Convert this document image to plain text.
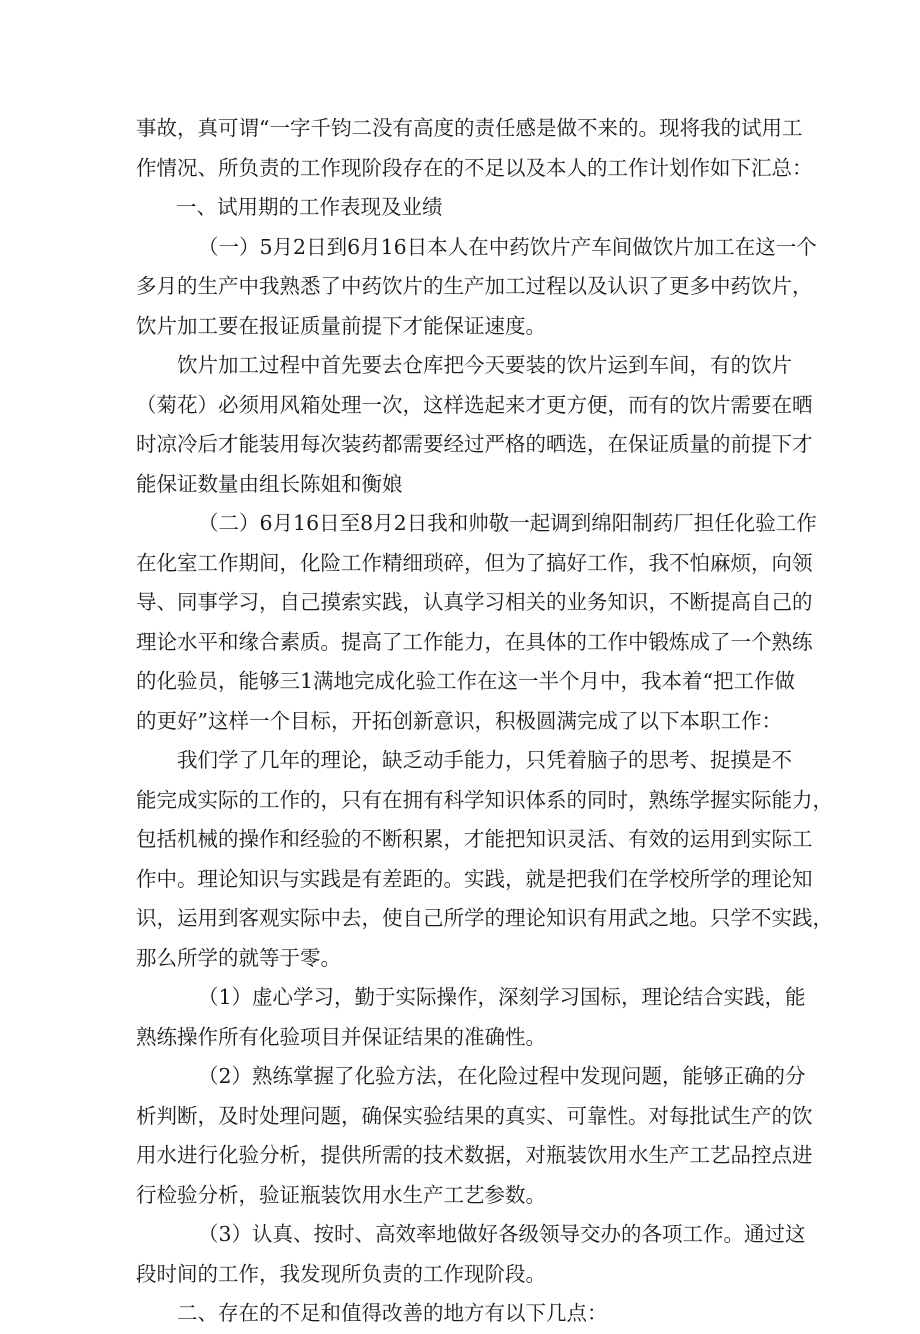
事故，真可谓“一字千钧二没有高度的责任感是做不来的。现将我的试用工
作情况、所负责的工作现阶段存在的不足以及本人的工作计划作如下汇总：
一、试用期的工作表现及业绩
（一）5月2日到6月16日本人在中药饮片产车间做饮片加工在这一个
多月的生产中我熟悉了中药饮片的生产加工过程以及认识了更多中药饮片，
饮片加工要在报证质量前提下才能保证速度。
饮片加工过程中首先要去仓库把今天要装的饮片运到车间，有的饮片
（菊花）必须用风箱处理一次，这样选起来才更方便，而有的饮片需要在晒
时凉冷后才能装用每次装药都需要经过严格的晒选，在保证质量的前提下才
能保证数量由组长陈姐和衡娘
（二）6月16日至8月2日我和帅敬一起调到绵阳制药厂担任化验工作
在化室工作期间，化险工作精细琐碎，但为了搞好工作，我不怕麻烦，向领
导、同事学习，自己摸索实践，认真学习相关的业务知识，不断提高自己的
理论水平和缘合素质。提高了工作能力，在具体的工作中锻炼成了一个熟练
的化验员，能够三1满地完成化验工作在这一半个月中，我本着“把工作做
的更好”这样一个目标，开拓创新意识，积极圆满完成了以下本职工作：
我们学了几年的理论，缺乏动手能力，只凭着脑子的思考、捉摸是不
能完成实际的工作的，只有在拥有科学知识体系的同时，熟练学握实际能力，
包括机械的操作和经验的不断积累，才能把知识灵活、有效的运用到实际工
作中。理论知识与实践是有差距的。实践，就是把我们在学校所学的理论知
识，运用到客观实际中去，使自己所学的理论知识有用武之地。只学不实践，
那么所学的就等于零。
（1）虚心学习，勤于实际操作，深刻学习国标，理论结合实践，能
熟练操作所有化验项目并保证结果的准确性。
（2）熟练掌握了化验方法，在化险过程中发现问题，能够正确的分
析判断，及时处理问题，确保实验结果的真实、可靠性。对每批试生产的饮
用水进行化验分析，提供所需的技术数据，对瓶装饮用水生产工艺品控点进
行检验分析，验证瓶装饮用水生产工艺参数。
（3）认真、按时、高效率地做好各级领导交办的各项工作。通过这
段时间的工作，我发现所负责的工作现阶段。
二、存在的不足和值得改善的地方有以下几点：
